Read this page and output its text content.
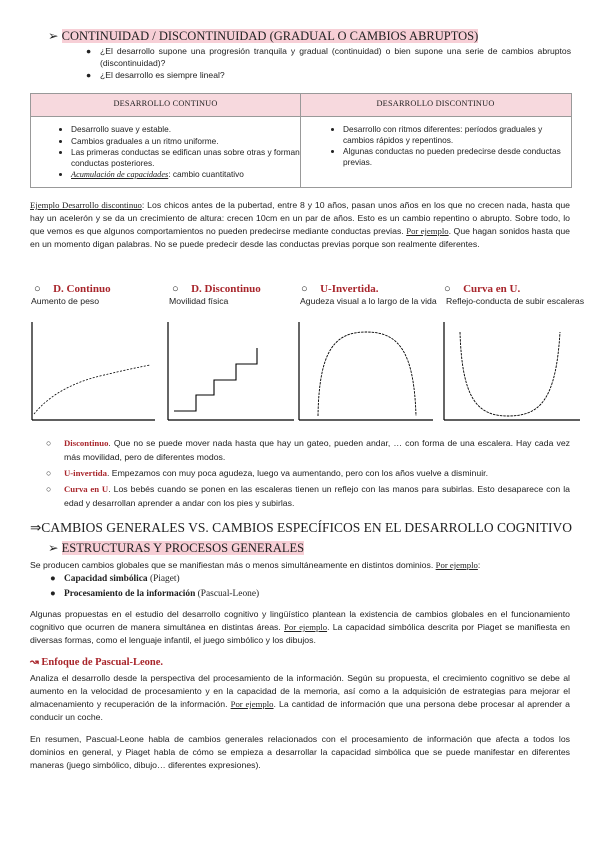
➢ CONTINUIDAD / DISCONTINUIDAD (GRADUAL O CAMBIOS ABRUPTOS)
● ¿El desarrollo supone una progresión tranquila y gradual (continuidad) o bien supone una serie de cambios abruptos (discontinuidad)?
● ¿El desarrollo es siempre lineal?
DESARROLLO CONTINUO	DESARROLLO DISCONTINUO
• Desarrollo suave y estable.
• Cambios graduales a un ritmo uniforme.
• Las primeras conductas se edifican unas sobre otras y forman conductas posteriores.
• Acumulación de capacidades: cambio cuantitativo
• Desarrollo con ritmos diferentes: períodos graduales y cambios rápidos y repentinos.
• Algunas conductas no pueden predecirse desde conductas previas.
Ejemplo Desarrollo discontinuo: Los chicos antes de la pubertad, entre 8 y 10 años, pasan unos años en los que no crecen nada, hasta que hay un acelerón y se da un crecimiento de altura: crecen 10cm en un par de años. Esto es un cambio repentino o abrupto. Sobre todo, lo que vemos es que algunos comportamientos no pueden predecirse mediante conductas previas. Por ejemplo. Que hagan sonidos hasta que en un momento digan palabras. No se puede predecir desde las conductas previas porque son realmente diferentes.
○ D. Continuo
Aumento de peso
○ D. Discontinuo
Movilidad física
○ U-Invertida.
Agudeza visual a lo largo de la vida
○ Curva en U.
Reflejo-conducta de subir escaleras
○ Discontinuo. Que no se puede mover nada hasta que hay un gateo, pueden andar, … con forma de una escalera. Hay cada vez más movilidad, pero de diferentes modos.
○ U-invertida. Empezamos con muy poca agudeza, luego va aumentando, pero con los años vuelve a disminuir.
○ Curva en U. Los bebés cuando se ponen en las escaleras tienen un reflejo con las manos para subirlas. Esto desaparece con la edad y desarrollan aprender a andar con los pies y subirlas.
⇒CAMBIOS GENERALES VS. CAMBIOS ESPECÍFICOS EN EL DESARROLLO COGNITIVO
➢ ESTRUCTURAS Y PROCESOS GENERALES
Se producen cambios globales que se manifiestan más o menos simultáneamente en distintos dominios. Por ejemplo:
● Capacidad simbólica (Piaget)
● Procesamiento de la información (Pascual-Leone)
Algunas propuestas en el estudio del desarrollo cognitivo y lingüístico plantean la existencia de cambios globales en el funcionamiento cognitivo que ocurren de manera simultánea en distintas áreas. Por ejemplo. La capacidad simbólica descrita por Piaget se manifiesta en diversas formas, como el lenguaje infantil, el juego simbólico y los dibujos.
↝ Enfoque de Pascual-Leone.
Analiza el desarrollo desde la perspectiva del procesamiento de la información. Según su propuesta, el crecimiento cognitivo se debe al aumento en la velocidad de procesamiento y en la capacidad de la memoria, así como a la adquisición de estrategias para mejorar el almacenamiento y recuperación de la información. Por ejemplo. La cantidad de información que una persona debe procesar al aprender a conducir un coche.
En resumen, Pascual-Leone habla de cambios generales relacionados con el procesamiento de información que afecta a todos los dominios en general, y Piaget habla de cómo se empieza a desarrollar la capacidad simbólica que se puede manifestar en diferentes maneras (juego simbólico, dibujo… diferentes expresiones).
